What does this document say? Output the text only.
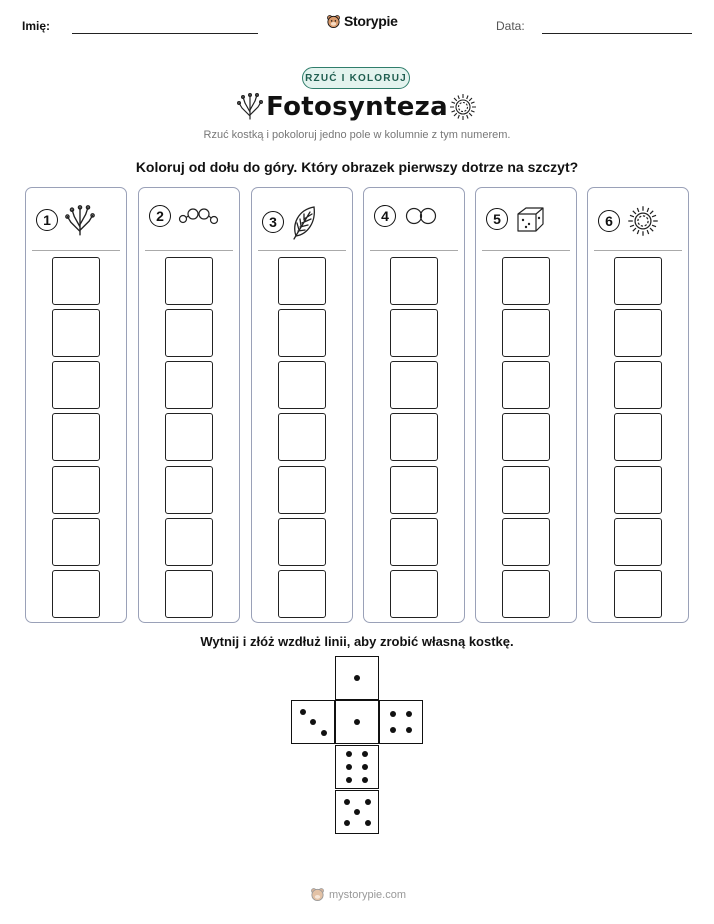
Imię:	Storypie	Data:
RZUĆ I KOLORUJ
Fotosynteza
Rzuć kostką i pokoloruj jedno pole w kolumnie z tym numerem.
Koloruj od dołu do góry. Który obrazek pierwszy dotrze na szczyt?
1	2	3	4	5	6
Wytnij i złóż wzdłuż linii, aby zrobić własną kostkę.
mystorypie.com
